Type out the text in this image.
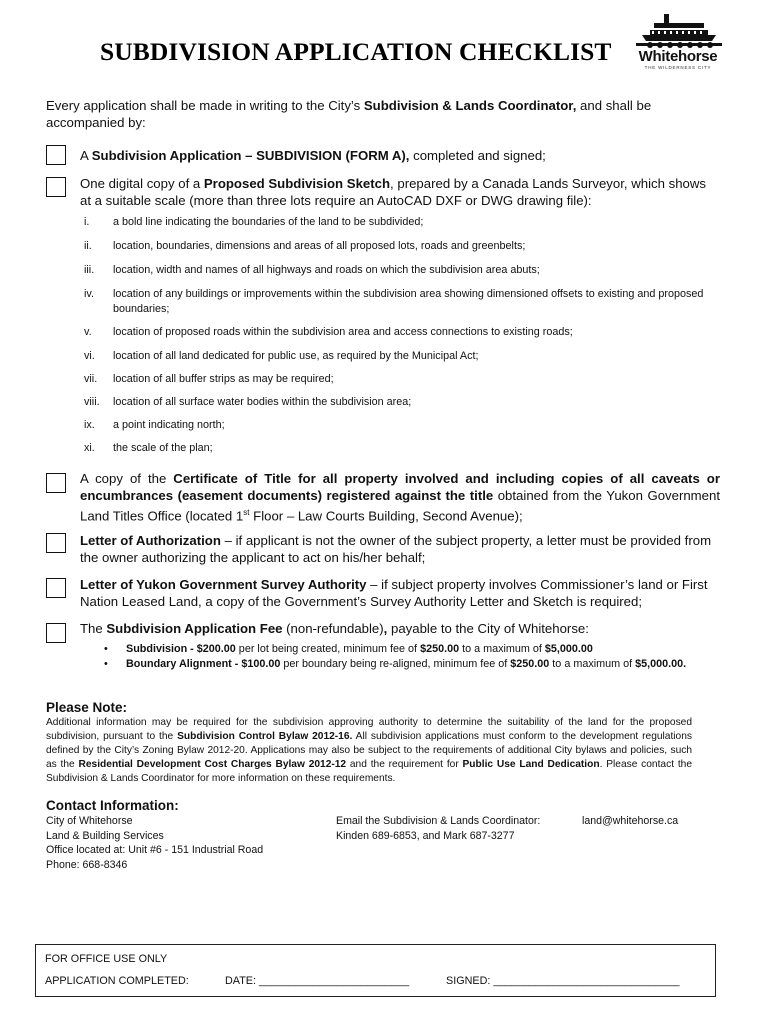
SUBDIVISION APPLICATION CHECKLIST	Whitehorse
THE WILDERNESS CITY
Every application shall be made in writing to the City’s Subdivision & Lands Coordinator, and shall be accompanied by:
A Subdivision Application – SUBDIVISION (FORM A), completed and signed;
One digital copy of a Proposed Subdivision Sketch, prepared by a Canada Lands Surveyor, which shows at a suitable scale (more than three lots require an AutoCAD DXF or DWG drawing file):
i.	a bold line indicating the boundaries of the land to be subdivided;
ii.	location, boundaries, dimensions and areas of all proposed lots, roads and greenbelts;
iii.	location, width and names of all highways and roads on which the subdivision area abuts;
iv.	location of any buildings or improvements within the subdivision area showing dimensioned offsets to existing and proposed boundaries;
v.	location of proposed roads within the subdivision area and access connections to existing roads;
vi.	location of all land dedicated for public use, as required by the Municipal Act;
vii.	location of all buffer strips as may be required;
viii.	location of all surface water bodies within the subdivision area;
ix.	a point indicating north;
xi.	the scale of the plan;
A copy of the Certificate of Title for all property involved and including copies of all caveats or encumbrances (easement documents) registered against the title obtained from the Yukon Government Land Titles Office (located 1st Floor – Law Courts Building, Second Avenue);
Letter of Authorization – if applicant is not the owner of the subject property, a letter must be provided from the owner authorizing the applicant to act on his/her behalf;
Letter of Yukon Government Survey Authority – if subject property involves Commissioner’s land or First Nation Leased Land, a copy of the Government’s Survey Authority Letter and Sketch is required;
The Subdivision Application Fee (non-refundable), payable to the City of Whitehorse:
• Subdivision - $200.00 per lot being created, minimum fee of $250.00 to a maximum of $5,000.00
• Boundary Alignment - $100.00 per boundary being re-aligned, minimum fee of $250.00 to a maximum of $5,000.00.
Please Note:
Additional information may be required for the subdivision approving authority to determine the suitability of the land for the proposed subdivision, pursuant to the Subdivision Control Bylaw 2012-16. All subdivision applications must conform to the development regulations defined by the City’s Zoning Bylaw 2012-20. Applications may also be subject to the requirements of additional City bylaws and policies, such as the Residential Development Cost Charges Bylaw 2012-12 and the requirement for Public Use Land Dedication. Please contact the Subdivision & Lands Coordinator for more information on these requirements.
Contact Information:
City of Whitehorse
Land & Building Services
Office located at: Unit #6 - 151 Industrial Road
Phone: 668-8346
Email the Subdivision & Lands Coordinator:
Kinden 689-6853, and Mark 687-3277
land@whitehorse.ca
FOR OFFICE USE ONLY
APPLICATION COMPLETED:	DATE: _________________________	SIGNED: _______________________________
